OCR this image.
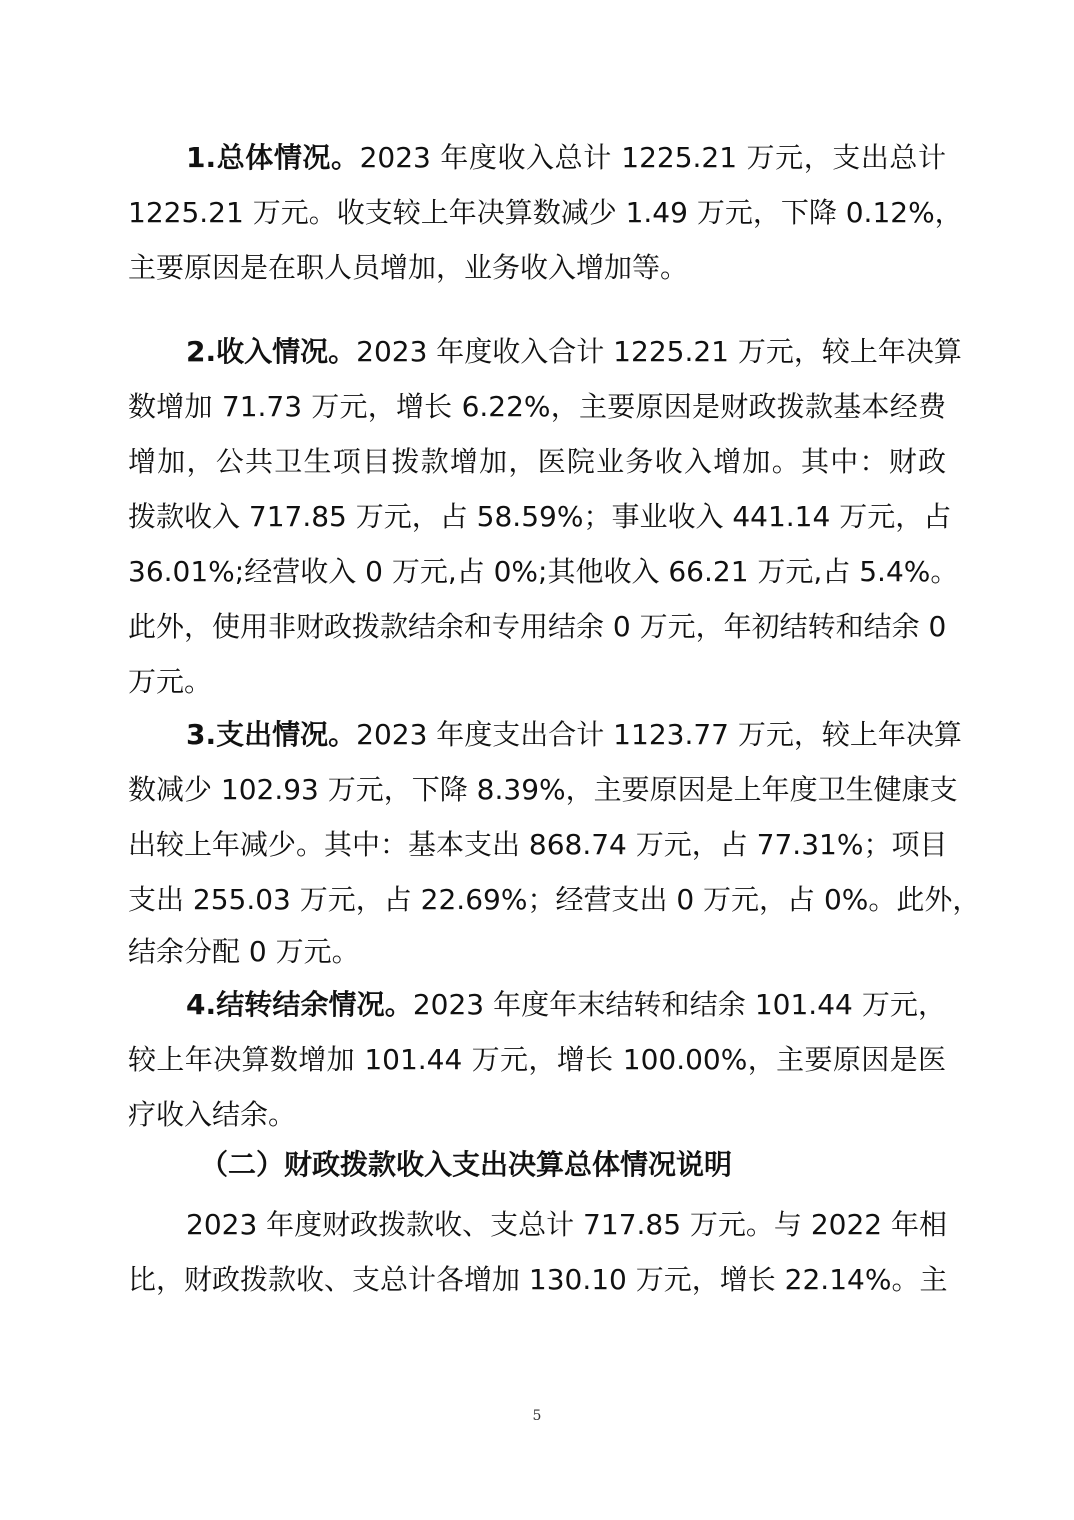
1.总体情况。2023 年度收入总计 1225.21 万元，支出总计
1225.21 万元。收支较上年决算数减少 1.49 万元，下降 0.12%，
主要原因是在职人员增加，业务收入增加等。
2.收入情况。2023 年度收入合计 1225.21 万元，较上年决算
数增加 71.73 万元，增长 6.22%，主要原因是财政拨款基本经费
增加，公共卫生项目拨款增加，医院业务收入增加。其中：财政
拨款收入 717.85 万元，占 58.59%；事业收入 441.14 万元，占
36.01%;经营收入 0 万元,占 0%;其他收入 66.21 万元,占 5.4%。
此外，使用非财政拨款结余和专用结余 0 万元，年初结转和结余 0
万元。
3.支出情况。2023 年度支出合计 1123.77 万元，较上年决算
数减少 102.93 万元，下降 8.39%，主要原因是上年度卫生健康支
出较上年减少。其中：基本支出 868.74 万元，占 77.31%；项目
支出 255.03 万元，占 22.69%；经营支出 0 万元，占 0%。此外，
结余分配 0 万元。
4.结转结余情况。2023 年度年末结转和结余 101.44 万元，
较上年决算数增加 101.44 万元，增长 100.00%，主要原因是医
疗收入结余。
（二）财政拨款收入支出决算总体情况说明
2023 年度财政拨款收、支总计 717.85 万元。与 2022 年相
比，财政拨款收、支总计各增加 130.10 万元，增长 22.14%。主
5
